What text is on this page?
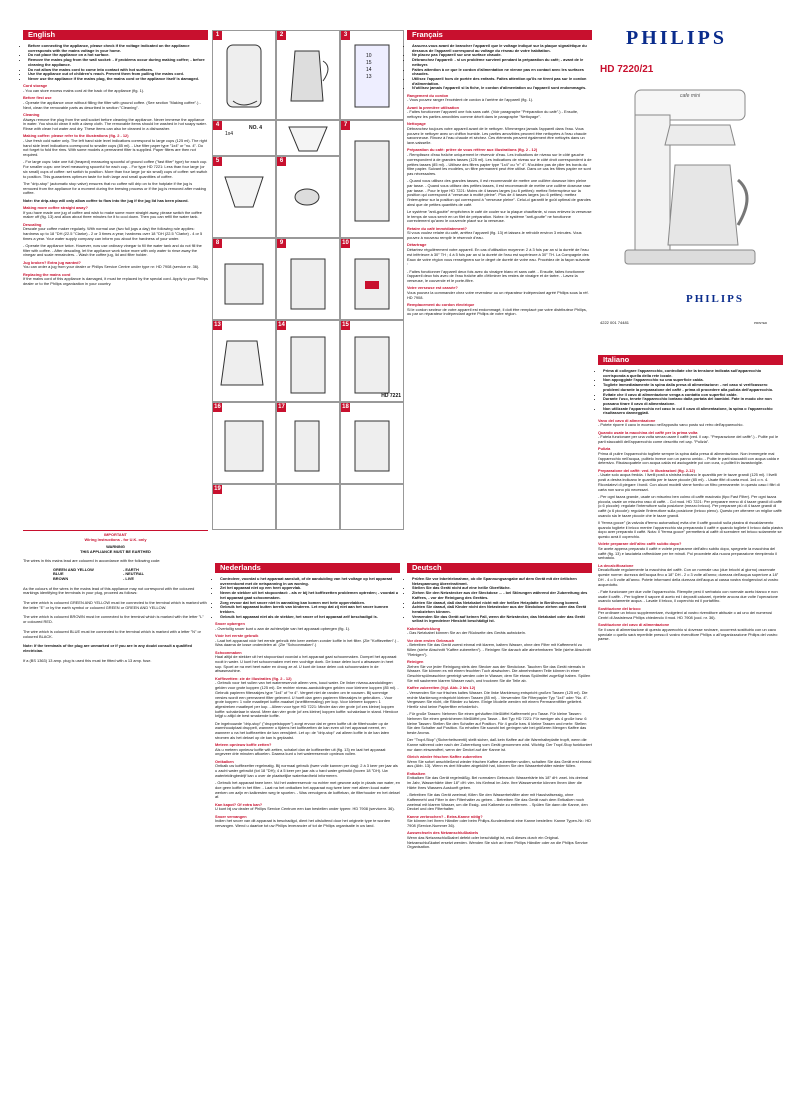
English
• Before connecting the appliance, please check if the voltage indicated on the appliance corresponds with the mains voltage in your home.
• Do not place the appliance on a hot surface.
• Remove the mains plug from the wall socket: - if problems occur during making coffee; - before cleaning the appliance.
• Do not allow the mains cord to come into contact with hot surfaces.
• Use the appliance out of children's reach. Prevent them from pulling the mains cord.
• Never use the appliance if the mains plug, the mains cord or the appliance itself is damaged.
Cord storage

- You can store excess mains cord at the back of the appliance (fig. 1).

Before first use

- Operate the appliance once without filling the filter with ground coffee. (See section "Making coffee".) - Next, clean the removable parts as described in section "Cleaning".

Cleaning

Always remove the plug from the wall socket before cleaning the appliance. Never immerse the appliance in water. You should clean it with a damp cloth. The removable items should be washed in hot soapy water. Rinse with clean hot water and dry. These items can also be cleaned in a dishwasher.

Making coffee: please refer to the illustrations (fig. 2 - 12)

- Use fresh cold water only. The left hand side level indications correspond to large cups (125 ml). The right hand side level indications correspond to smaller cups (85 ml). - Use filter paper type "1x4" or "no. 4". Do not forget to fold the rims. With some models a permanent filter is supplied. Paper filters are then not required.

- For large cups: take one full (heaped) measuring spoonful of ground coffee ("fast filter" type) for each cup. For smaller cups: one level measuring spoonful for each cup. - For type HD 7221: Less than four large (or six small) cups of coffee: set switch to position. More than four large (or six small) cups of coffee: set switch to position. This guarantees optimum taste for both large and small quantities of coffee.

The "drip-stop" (automatic stop valve) ensures that no coffee will drip on to the hotplate if the jug is removed from the appliance for a moment during the brewing process or if the jug is removed after making coffee.

Note: the drip-stop will only allow coffee to flow into the jug if the jug lid has been placed.

Making more coffee straight away?

If you have made one jug of coffee and wish to make some more straight away, please switch the coffee maker off (fig. 13) and allow about three minutes for it to cool down. Then you can refill the water tank.

Descaling

Descale your coffee maker regularly. With normal use (two full jugs a day) the following rule applies: hardness up to 18 °DH (22.5 °Clarke) - 2 or 3 times a year; hardness over 18 °DH (22.5 °Clarke) - 4 or 5 times a year. Your water supply company can inform you about the hardness of your water.

- Operate the appliance twice. However, now use ordinary vinegar to fill the water tank and do not fill the filter with coffee. - After descaling, let the appliance work twice more with only water to rinse away the vinegar and scale remainders. - Wash the coffee jug, lid and filter holder.

Jug broken? Extra jug wanted?

You can order a jug from your dealer or Philips Service Centre under type nr: HD 7908 (service nr. 36).

Replacing the mains cord

If the mains cord of this appliance is damaged, it must be replaced by the special cord. Apply to your Philips dealer or to the Philips organization in your country.

IMPORTANT
Wiring Instructions - for U.K. only
WARNING
THIS APPLIANCE MUST BE EARTHED

The wires in this mains lead are coloured in accordance with the following code:

GREEN AND YELLOW	- EARTH
BLUE	- NEUTRAL
BROWN	- LIVE

As the colours of the wires in the mains lead of this appliance may not correspond with the coloured markings identifying the terminals in your plug, proceed as follows:

The wire which is coloured GREEN AND YELLOW must be connected to the terminal which is marked with the letter "E" or by the earth symbol or coloured GREEN or GREEN AND YELLOW.

The wire which is coloured BROWN must be connected to the terminal which is marked with the letter "L" or coloured RED.

The wire which is coloured BLUE must be connected to the terminal which is marked with a letter "N" or coloured BLACK.

Note: If the terminals of the plug are unmarked or if you are in any doubt consult a qualified electrician.

If a (BS 1363) 13 amp. plug is used this must be fitted with a 13 amp. fuse.

1	2	3
10
15
14
13
4
1x4
NO. 4
5	6
7
8	9	10
13	14	15
HD 7221
16	17	18
19
Français
• Assurez-vous avant de brancher l'appareil que le voltage indiqué sur la plaque signalétique du dessous de l'appareil correspond au voltage du réseau de votre habitation.
• Ne placez pas l'appareil sur une surface chaude.
• Débranchez l'appareil: - si un problème survient pendant la préparation du café; - avant de le nettoyer.
• Faites attention à ce que le cordon d'alimentation ne vienne pas en contact avec les surfaces chaudes.
• Utilisez l'appareil hors de portée des enfants. Faites attention qu'ils ne tirent pas sur le cordon d'alimentation.
• N'utilisez jamais l'appareil si la fiche, le cordon d'alimentation ou l'appareil sont endommagés.
Rangement du cordon

- Vous pouvez ranger l'excédent de cordon à l'arrière de l'appareil (fig. 1).

Avant la première utilisation

- Faites fonctionner l'appareil une fois sans café. (Voir paragraphe "Préparation du café".) - Ensuite, nettoyez les parties amovibles comme décrit dans le paragraphe "Nettoyage".

Nettoyage

Débranchez toujours votre appareil avant de le nettoyer. N'immergez jamais l'appareil dans l'eau. Vous pouvez le nettoyer avec un chiffon humide. Les parties amovibles peuvent être nettoyées à l'eau chaude savonneuse. Rincez à l'eau chaude et séchez. Ces éléments peuvent également être nettoyés dans un lave-vaisselle.

Préparation du café: prière de vous référer aux illustrations (fig. 2 - 12)

- Remplissez d'eau fraîche uniquement le réservoir d'eau. Les indications de niveau sur le côté gauche correspondent à de grandes tasses (125 ml). Les indications de niveau sur le côté droit correspondent à de petites tasses (85 ml). - Utilisez des filtres papier type "1x4" ou "n° 4". N'oubliez pas de plier les bords du filtre papier. Suivant les modèles, un filtre permanent peut être utilisé. Dans ce cas les filtres papier ne sont pas nécessaires.

- Quand vous utilisez des grandes tasses, il est recommandé de mettre une cuillère doseuse bien pleine par tasse. - Quand vous utilisez des petites tasses, il est recommandé de mettre une cuillère doseuse rase par tasse. - Pour le type HD 7221: Moins de 4 tasses larges (ou 6 petites): mettez l'interrupteur sur la position qui correspond à "verseuse à moitié pleine". Plus de 4 tasses larges (ou 6 petites): mettez l'interrupteur sur la position qui correspond à "verseuse pleine". Celui-ci garantit le goût optimal de grandes ainsi que de petites quantités de café.

Le système "anti-goutte" empêchera le café de couler sur la plaque chauffante, si vous enlevez la verseuse le temps de vous servir en un filet de préparation. Notez: le système "anti-goutte" ne fonctionne correctement qu'avec le couvercle placé sur la verseuse.

Retaire du café immédiatement?

Si vous voulez retaire du café, arrêtez l'appareil (fig. 13) et laissez-le refroidir environ 3 minutes. Vous pouvez à nouveau remplir le réservoir d'eau.

Détartrage

Détartrez régulièrement votre appareil. En cas d'utilisation moyenne: 2 à 3 fois par an si la dureté de l'eau est inférieure à 30° TH ; 4 à 5 fois par an si la dureté de l'eau est supérieure à 30° TH. La Compagnie des Eaux de votre région vous renseignera sur le degré de dureté de votre eau. Procédez de la façon suivante :

- Faites fonctionner l'appareil deux fois avec du vinaigre blanc et sans café. - Ensuite, faites fonctionner l'appareil deux fois avec de l'eau fraîche afin d'éliminer les restes de vinaigre et de tartre. - Lavez la verseuse, le couvercle et le porte-filtre.

Votre verseuse est cassée?

Vous pouvez la commander chez votre revendeur ou un réparateur indépendant agréé Philips sous la réf. HD 7908.

Remplacement du cordon électrique

Si le cordon secteur de votre appareil est endommagé, il doit être remplacé par votre distributeur Philips, ou par un réparateur indépendant agréé Philips de votre région.

Nederlands
• Controleer, voordat u het apparaat aansluit, of de aanduiding van het voltage op het apparaat overeenkomt met de netspanning in uw woning.
• Zet het apparaat niet op een heet oppervlak.
• Neem de stekker uit het stopcontact: - als er bij het koffiezetten problemen optreden; - voordat u het apparaat gaat schoonmaken.
• Zorg ervoor dat het snoer niet in aanraking kan komen met hete oppervlakken.
• Gebruik het apparaat buiten bereik van kinderen. Let erop dat zij niet aan het snoer kunnen trekken.
• Gebruik het apparaat niet als de stekker, het snoer of het apparaat zelf beschadigd is.
Snoer opbergen

- Overtollig snoer kunt u aan de achterzijde van het apparaat opbergen (fig. 1).

Vóór het eerste gebruik

- Laat het apparaat vóór het eerste gebruik één keer werken zonder koffie in het filter. (Zie "Koffiezetten".) - Was daarna de losse onderdelen af. (Zie "Schoonmaken".)

Schoonmaken

Haal altijd de stekker uit het stopcontact voordat u het apparaat gaat schoonmaken. Dompel het apparaat nooit in water. U kunt het schoonmaken met een vochtige doek. De losse delen kunt u afwassen in heet sop. Spoel ze na met heet water en droog ze af. U kunt de losse delen ook schoonmaken in de afwasmachine.

Koffiezetten: zie de illustraties (fig. 2 - 12)

- Gebruik voor het vullen van het waterreservoir alleen vers, koud water. De linker niveau-aanduidingen gelden voor grote koppen (125 ml). De rechter niveau-aanduidingen gelden voor kleinere koppen (85 ml). - Gebruik papieren filterzakjes type "1x4" of "nr 4". Vergeet niet de randen om te vouwen. Bij sommige versies wordt een permanent filter geleverd. U hoeft dan geen papieren filterzakjes te gebruiken. - Voor grote koppen: 1 volle maatlepel koffie-maalsel (snelfiltermaling) per kop. Voor kleinere koppen: 1 afgestreken maatlepel per kop. - Alleen voor type HD 7221: Minder dan vier grote (of zes kleine) koppen koffie: schakelaar in stand. Meer dan vier grote (of zes kleine) koppen koffie: schakelaar in stand. Hierdoor krijgt u altijd de best smakende koffie.

De ingebouwde "drip-stop" ("druppelstopper") zorgt ervoor dat er geen koffie uit de filterhouder op de warmhoudplaat druppelt, wanneer u tijdens het koffiezetten de kan even uit het apparaat neemt, en wanneer u na het koffiezetten de kan verwijdert. Let op: de "drip-stop" zal alleen koffie in de kan laten stromen als het deksel op de kan is geplaatst.

Meteen opnieuw koffie zetten?

Als u meteen opnieuw koffie wilt zetten, schakel dan de koffiezetter uit (fig. 13) en laat het apparaat ongeveer drie minuten afkoelen. Daarna kunt u het waterreservoir opnieuw vullen.

Ontkalken

Ontkalk uw koffiezetter regelmatig. Bij normaal gebruik (twee volle kannen per dag): 2 à 3 keer per jaar als u zacht water gebruikt (tot 18 °DH); 4 à 5 keer per jaar als u hard water gebruikt (boven 18 °DH). Uw waterleidingbedrijf kan u over de plaatselijke waterhardheid informeren.

- Gebruik het apparaat twee keer. Vul het waterreservoir nu echter met gewone azijn in plaats van water, en doe geen koffie in het filter. - Laat na het ontkalken het apparaat nog twee keer met alleen koud water werken om azijn en kalkresten weg te spoelen. - Was vervolgens de koffiekan, de filterhouder en het deksel af.

Kan kapot? Of extra kan?

U kunt bij uw dealer of Philips Service Centrum een kan bestellen onder typenr. HD 7908 (servicenr. 36).

Snoer vervangen

Indien het snoer van dit apparaat is beschadigd, dient het uitsluitend door het originele type te worden vervangen. Wend u daartoe tot uw Philips leverancier of tot de Philips organisatie in uw land.

Deutsch
• Prüfen Sie vor Inbetriebnahme, ob die Spannungsangabe auf dem Gerät mit der örtlichen Netzspannung übereinstimmt.
• Stellen Sie das Gerät nicht auf eine heiße Oberfläche.
• Ziehen Sie den Netzstecker aus der Steckdose ... - bei Störungen während der Zubereitung des Kaffees, - vor der Reinigung des Gerätes.
• Achten Sie darauf, daß das Netzkabel nicht mit der heißen Heizplatte in Berührung kommt.
• Achten Sie darauf, daß Kinder nicht den Netzstecker aus der Steckdose ziehen oder das Gerät herabziehen können.
• Verwenden Sie das Gerät auf keinen Fall, wenn die Netzstecker, das Netzkabel oder das Gerät selbst in irgendeiner Hinsicht beschädigt ist.
Kabelaufwicklung

- Das Netzkabel können Sie an der Rückseite des Geräts aufwickeln.

Vor dem ersten Gebrauch

- Betreiben Sie das Gerät zuerst einmal mit klarem, kaltem Wasser, ohne den Filter mit Kaffeemehl zu füllen (siehe Abschnitt "Kaffee zubereiten"). - Reinigen Sie danach alle abnehmbaren Teile (siehe Abschnitt "Reinigen").

Reinigen

Ziehen Sie vor jeder Reinigung stets den Stecker aus der Steckdose. Tauchen Sie das Gerät niemals in Wasser. Sie können es mit einem feuchten Tuch abwischen. Die abnehmbaren Teile können in einer Geschirrspülmaschine gereinigt werden oder in Wasser, dem Sie etwas Spülmittel zugefügt haben. Spülen Sie mit sauberem klarem Wasser nach, und trocknen Sie die Teile ab.

Kaffee zubereiten (Vgl. Abb. 2 bis 12)

- Verwenden Sie nur frisches kaltes Wasser. Die linke Markierung entspricht großen Tassen (125 ml). Die rechte Markierung entspricht kleinen Tassen (85 ml). - Verwenden Sie Filterpapier Typ "1x4" oder "No. 4". Vergessen Sie nicht, die Ränder zu falzen. Einige Modelle werden mit einem Permanentfilter geliefert. Hierfür sind keine Papierfilter erforderlich.

- Für große Tassen: Nehmen Sie einen gehäuften Meßlöffel Kaffeemehl pro Tasse. Für kleine Tassen: Nehmen Sie einen gestrichenen Meßlöffel pro Tasse. - Bei Typ HD 7221: Für weniger als 4 große bzw. 6 kleine Tassen: Stellen Sie den Schalter auf Position. Für 4 große bzw. 6 kleine Tassen und mehr: Stellen Sie den Schalter auf Position. So erhalten Sie sowohl bei geringen wie bei größeren Mengen Kaffee das beste Aroma.

Der "Tropf-Stop" (Sicherheitsventil) stellt sicher, daß kein Kaffee auf die Warmhalteplatte tropft, wenn die Kanne während oder nach der Zubereitung vom Gerät genommen wird. Wichtig: Der Tropf-Stop funktioniert nur dann einwandfrei, wenn der Deckel auf der Kanne ist.

Gleich wieder frischen Kaffee zubereiten

Wenn Sie sofort anschließend wieder frischen Kaffee zubereiten wollen, schalten Sie das Gerät erst einmal aus (Abb. 13). Wenn es drei Minuten abgekühlt hat, können Sie den Wasserbehälter wieder füllen.

Entkalken

Entkalken Sie das Gerät regelmäßig. Bei normalem Gebrauch: Wasserhärte bis 18° dH: zwei- bis dreimal im Jahr, Wasserhärte über 18° dH: vier- bis fünfmal im Jahr. Ihre Wasserwerke können Ihnen über die Härte Ihres Wassers Auskunft geben.

- Betreiben Sie das Gerät zweimal; füllen Sie den Wasserbehälter aber mit Haushaltsessig, ohne Kaffeemehl und Filter in den Filterhalter zu geben. - Betreiben Sie das Gerät nach dem Entkalken noch zweimal mit klarem Wasser, um die Essig- und Kalkreste zu entfernen. - Spülen Sie dann die Kanne, den Deckel und den Filterhalter.

Kanne zerbrochen? - Extra-Kanne nötig?

Sie können bei Ihrem Händler oder beim Philips-Kundendienst eine Kanne bestellen: Kanne Typen-Nr.: HD 7908 (Service-Nummer 36).

Auswechseln des Netzanschlußkabels

Wenn das Netzanschlußkabel defekt oder beschädigt ist, muß dieses durch ein Original-Netzanschlußkabel ersetzt werden. Wenden Sie sich an Ihren Philips Händler oder an die Philips Service Organisation.

PHILIPS
HD 7220/21
cafe mini
PHILIPS
4222 001 74481	PRINTED
Italiano
• Prima di collegare l'apparecchio, controllate che la tensione indicata sull'apparecchio corrisponda a quella della rete locale.
• Non appoggiate l'apparecchio su una superficie calda.
• Togliete immediatamente la spina dalla presa di alimentazione: - nel caso si verificassero problemi durante la preparazione del caffè - prima di procedere alla pulizia dell'apparecchio.
• Evitate che il cavo di alimentazione venga a contatto con superfici calde.
• Durante l'uso, tenete l'apparecchio lontano dalla portata dei bambini. Fate in modo che non possano tirare il cavo di alimentazione.
• Non utilizzate l'apparecchio nel caso in cui il cavo di alimentazione, la spina o l'apparecchio risultassero danneggiati.
Vano del cavo di alimentazione

- Potete riporre il cavo in eccesso nell'apposito vano posto sul retro dell'apparecchio.

Quando usate la macchina del caffè per la prima volta

- Fatela funzionare per una volta senza usare il caffè (ved. il cap. "Preparazione del caffè".) - Pulite poi le parti staccabili dell'apparecchio come descritto nel cap. "Pulizia".

Pulizia

Prima di pulire l'apparecchio togliete sempre la spina dalla presa di alimentazione. Non immergete mai l'apparecchio nell'acqua, pulitelo invece con un panno umido. - Pulite le parti staccabili con acqua calda e detersivo. Risciacquatele con acqua calda ed asciugatele poi con cura, o puliteli in lavastoviglie.

Preparazione del caffè: ved. le illustrazioni (fig. 2-12)

- Usate solo acqua fredda. I livelli posti a sinistra indicano le quantità per le tazze grandi (125 ml). I livelli posti a destra indicano le quantità per le tazze piccole (85 ml). - Usate filtri di carta mod. 1x4 o n. 4. Ricordatevi di piegare i bordi. Con alcuni modelli viene fornito un filtro permanente: in questo caso i filtri di carta non sono più necessari.

- Per ogni tazza grande, usate un misurino ben colmo di caffè macinato (tipo Fast Filter). Per ogni tazza piccola, usate un misurino raso di caffè. - Col mod. HD 7221: Per preparare meno di 4 tazze grandi di caffè (o 6 piccole): regolate l'interruttore sulla posizione (mezzo bricco). Per preparare più di 4 tazze grandi di caffè (o 6 piccole): regolate l'interruttore sulla posizione (bricco pieno). Questo per ottenere un miglior caffè usando sia le tazze piccole che le tazze grandi.

Il "ferma gocce" (la valvola d'fermo automatica) evita che il caffè goccioli sulla piastra di riscaldamento quando togliete il bricco mentre l'apparecchio sta preparando il caffè e quando togliete il bricco dalla piastra dopo aver preparato il caffè. Nota: Il "ferma gocce" permetterà al caffè di scendere nel bricco solamente se questo avrà il coperchio.

Volete preparare dell'altro caffè subito dopo?

Se avete appena preparato il caffè e volete prepararne dell'altro subito dopo, spegnete la macchina del caffè (fig. 13) e lasciatela raffreddare per tre minuti. Poi procedete alla nuova preparazione riempiendo il serbatoio.

La decalcificazione

Decalcificate regolarmente la macchina del caffè. Con un normale uso (due bricchi al giorno) osservate queste norme: durezza dell'acqua fino a 18° DH - 2 o 3 volte all'anno; durezza dell'acqua superiore a 18° DH - 4 o 5 volte all'anno. Potete informarvi della durezza dell'acqua al cassa vostra rivolgendovi al vostro acquedotto.

- Fate funzionare per due volte l'apparecchio. Riempite però il serbatoio con normale aceto bianco e non usate il caffè. - Per togliere il sapore di aceto ed i depositi calcarei, ripetete ancora due volte l'operazione usando solamente acqua. - Lavate il bricco, il coperchio ed il portafiltro.

Sostituzione del bricco

Per ordinare un bricco supplementare, rivolgetevi al vostro rivenditore abituale o ad uno dei numerosi Centri di Assistenza Philips chiedendo il mod. HD 7908 (cod. nr. 36).

Sostituzione del cavo di alimentazione

Se il cavo di alimentazione di questo apparecchio si dovesse rovinare, occorrerà sostituirlo con un cavo speciale o quello sarà reperibile presso il vostro rivenditore Philips o all'organizzazione Philips del vostro paese.
